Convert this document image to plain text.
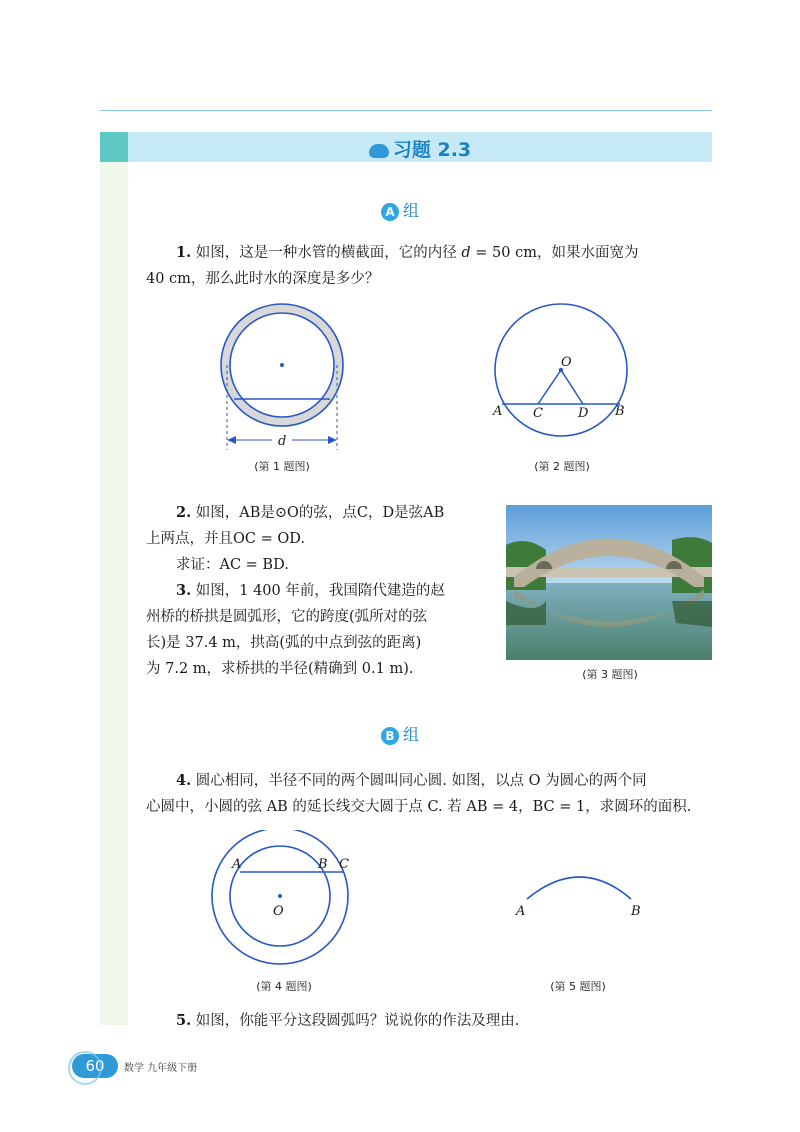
习题 2.3
A 组
1. 如图，这是一种水管的横截面，它的内径 d = 50 cm，如果水面宽为
40 cm，那么此时水的深度是多少？
d
(第 1 题图)
O
A C	D B
(第 2 题图)
2. 如图，AB是⊙O的弦，点C，D是弦AB
上两点，并且OC = OD.
求证：AC = BD.
3. 如图，1 400 年前，我国隋代建造的赵
州桥的桥拱是圆弧形，它的跨度(弧所对的弦
长)是 37.4 m，拱高(弧的中点到弦的距离)
为 7.2 m，求桥拱的半径(精确到 0.1 m).	(第 3 题图)
B 组
4. 圆心相同，半径不同的两个圆叫同心圆. 如图，以点 O 为圆心的两个同
心圆中，小圆的弦 AB 的延长线交大圆于点 C. 若 AB = 4，BC = 1，求圆环的面积.
A	B C
O
(第 4 题图)
A	B
(第 5 题图)
5. 如图，你能平分这段圆弧吗？说说你的作法及理由.
60	数学 九年级下册
